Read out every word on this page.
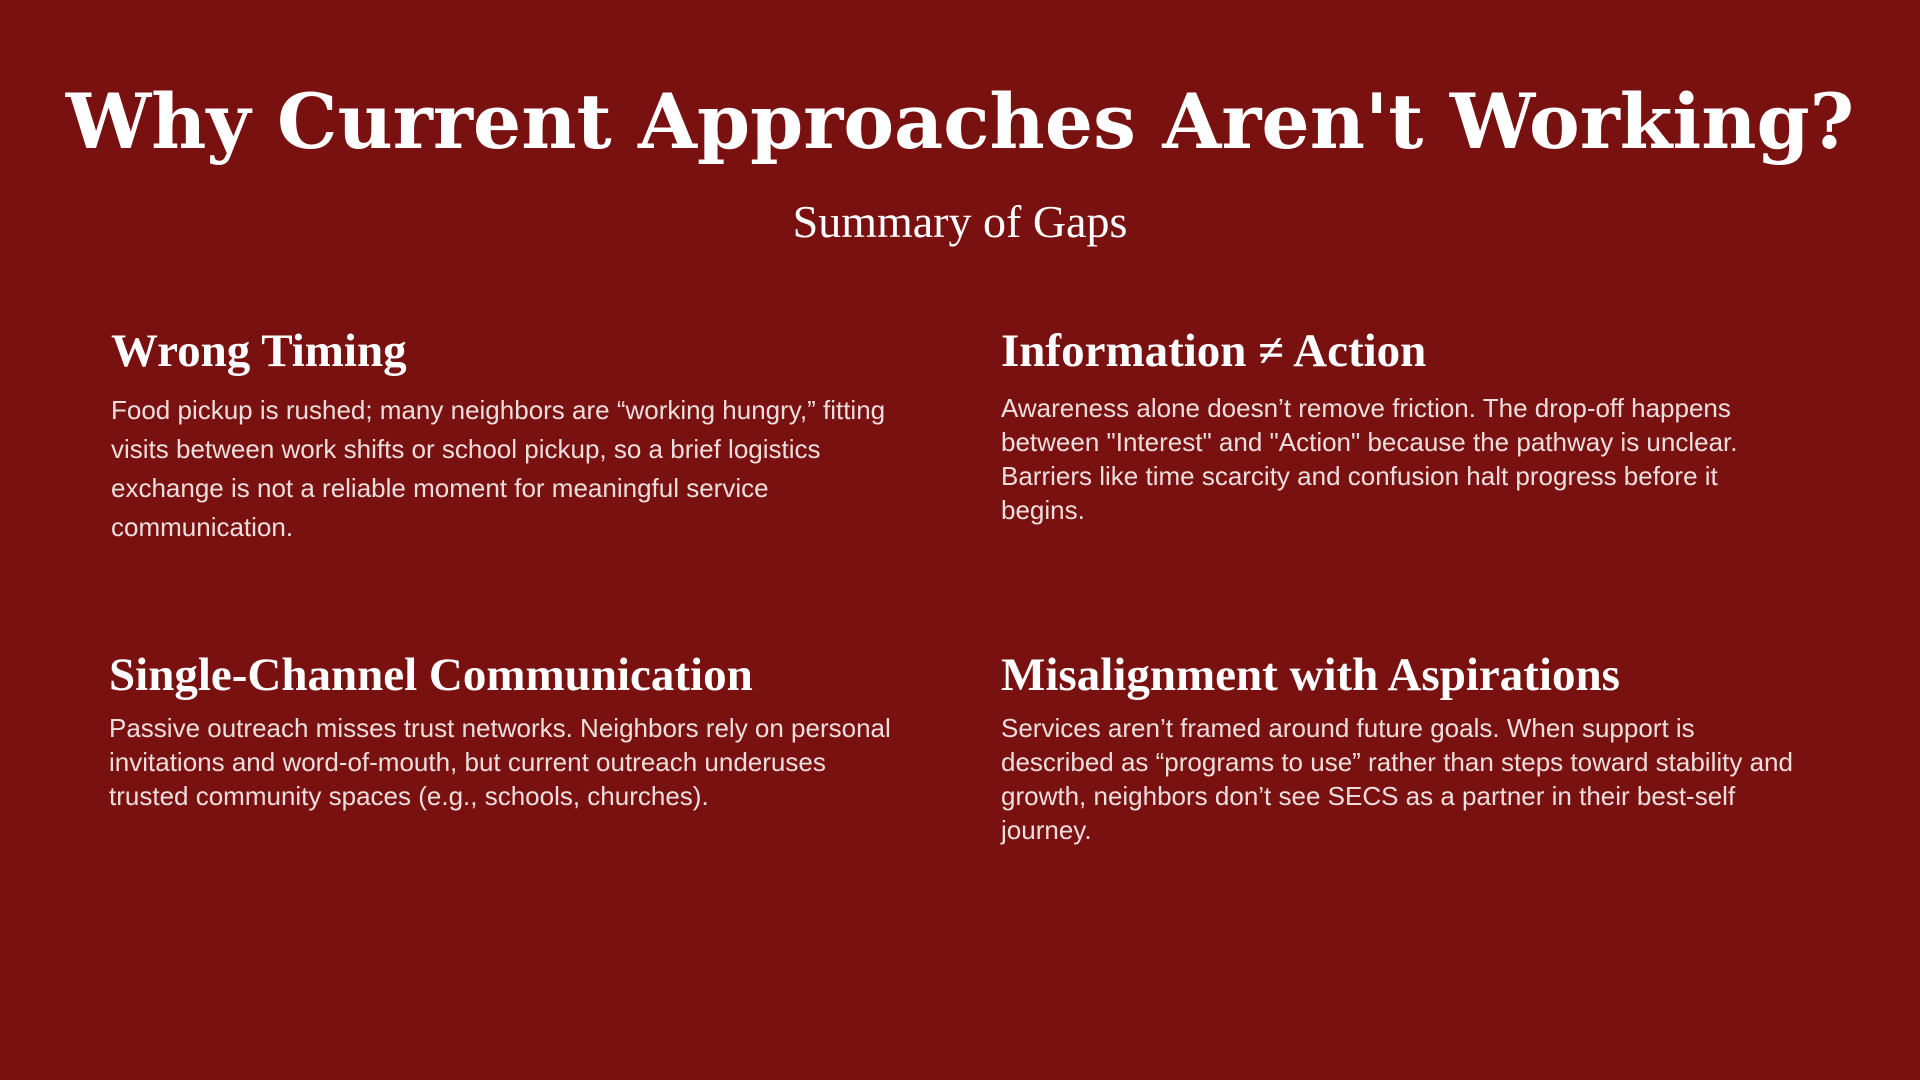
Why Current Approaches Aren't Working?
Summary of Gaps
Wrong Timing

Food pickup is rushed; many neighbors are “working hungry,” fitting visits between work shifts or school pickup, so a brief logistics exchange is not a reliable moment for meaningful service communication.

Information ≠ Action

Awareness alone doesn’t remove friction. The drop-off happens between "Interest" and "Action" because the pathway is unclear. Barriers like time scarcity and confusion halt progress before it begins.

Single-Channel Communication

Passive outreach misses trust networks. Neighbors rely on personal invitations and word-of-mouth, but current outreach underuses trusted community spaces (e.g., schools, churches).

Misalignment with Aspirations

Services aren’t framed around future goals. When support is described as “programs to use” rather than steps toward stability and growth, neighbors don’t see SECS as a partner in their best-self journey.
